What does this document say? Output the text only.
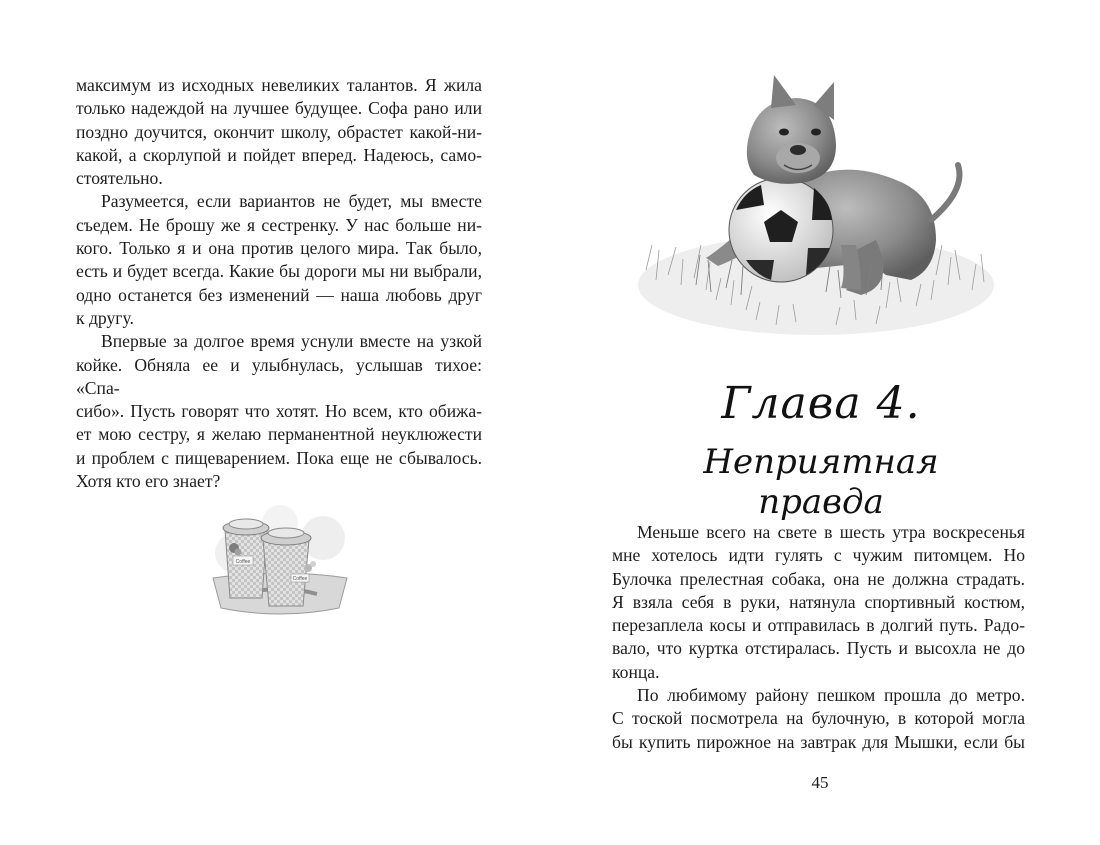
максимум из исходных невеликих талантов. Я жила
только надеждой на лучшее будущее. Софа рано или
поздно доучится, окончит школу, обрастет какой-ни-
какой, а скорлупой и пойдет вперед. Надеюсь, само-
стоятельно.

Разумеется, если вариантов не будет, мы вместе
съедем. Не брошу же я сестренку. У нас больше ни-
кого. Только я и она против целого мира. Так было,
есть и будет всегда. Какие бы дороги мы ни выбрали,
одно останется без изменений — наша любовь друг
к другу.

Впервые за долгое время уснули вместе на узкой
койке. Обняла ее и улыбнулась, услышав тихое: «Спа-
сибо». Пусть говорят что хотят. Но всем, кто обижа-
ет мою сестру, я желаю перманентной неуклюжести
и проблем с пищеварением. Пока еще не сбывалось.
Хотя кто его знает?

Coffee
Coffee
Глава 4.
Неприятная правда

Меньше всего на свете в шесть утра воскресенья
мне хотелось идти гулять с чужим питомцем. Но
Булочка прелестная собака, она не должна страдать.
Я взяла себя в руки, натянула спортивный костюм,
перезаплела косы и отправилась в долгий путь. Радо-
вало, что куртка отстиралась. Пусть и высохла не до
конца.

По любимому району пешком прошла до метро.
С тоской посмотрела на булочную, в которой могла
бы купить пирожное на завтрак для Мышки, если бы

45
